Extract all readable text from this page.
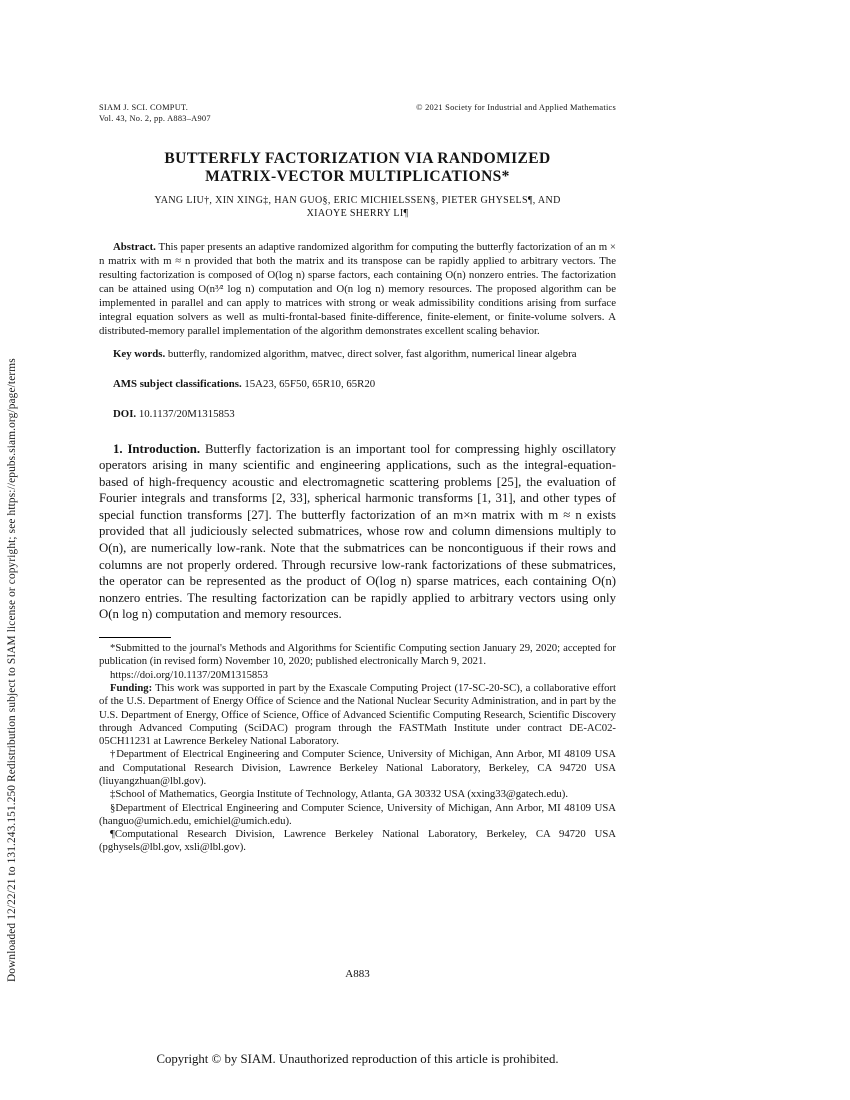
Downloaded 12/22/21 to 131.243.151.250 Redistribution subject to SIAM license or copyright; see https://epubs.siam.org/page/terms
SIAM J. SCI. COMPUT.
Vol. 43, No. 2, pp. A883–A907
© 2021 Society for Industrial and Applied Mathematics
BUTTERFLY FACTORIZATION VIA RANDOMIZED
MATRIX-VECTOR MULTIPLICATIONS*
YANG LIU†, XIN XING‡, HAN GUO§, ERIC MICHIELSSEN§, PIETER GHYSELS¶, AND
XIAOYE SHERRY LI¶

Abstract. This paper presents an adaptive randomized algorithm for computing the butterfly factorization of an m × n matrix with m ≈ n provided that both the matrix and its transpose can be rapidly applied to arbitrary vectors. The resulting factorization is composed of O(log n) sparse factors, each containing O(n) nonzero entries. The factorization can be attained using O(n³⁄² log n) computation and O(n log n) memory resources. The proposed algorithm can be implemented in parallel and can apply to matrices with strong or weak admissibility conditions arising from surface integral equation solvers as well as multi-frontal-based finite-difference, finite-element, or finite-volume solvers. A distributed-memory parallel implementation of the algorithm demonstrates excellent scaling behavior.

Key words. butterfly, randomized algorithm, matvec, direct solver, fast algorithm, numerical linear algebra

AMS subject classifications. 15A23, 65F50, 65R10, 65R20

DOI. 10.1137/20M1315853

1. Introduction. Butterfly factorization is an important tool for compressing highly oscillatory operators arising in many scientific and engineering applications, such as the integral-equation-based of high-frequency acoustic and electromagnetic scattering problems [25], the evaluation of Fourier integrals and transforms [2, 33], spherical harmonic transforms [1, 31], and other types of special function transforms [27]. The butterfly factorization of an m×n matrix with m ≈ n exists provided that all judiciously selected submatrices, whose row and column dimensions multiply to O(n), are numerically low-rank. Note that the submatrices can be noncontiguous if their rows and columns are not properly ordered. Through recursive low-rank factorizations of these submatrices, the operator can be represented as the product of O(log n) sparse matrices, each containing O(n) nonzero entries. The resulting factorization can be rapidly applied to arbitrary vectors using only O(n log n) computation and memory resources.

*Submitted to the journal's Methods and Algorithms for Scientific Computing section January 29, 2020; accepted for publication (in revised form) November 10, 2020; published electronically March 9, 2021.

https://doi.org/10.1137/20M1315853

Funding: This work was supported in part by the Exascale Computing Project (17-SC-20-SC), a collaborative effort of the U.S. Department of Energy Office of Science and the National Nuclear Security Administration, and in part by the U.S. Department of Energy, Office of Science, Office of Advanced Scientific Computing Research, Scientific Discovery through Advanced Computing (SciDAC) program through the FASTMath Institute under contract DE-AC02-05CH11231 at Lawrence Berkeley National Laboratory.

†Department of Electrical Engineering and Computer Science, University of Michigan, Ann Arbor, MI 48109 USA and Computational Research Division, Lawrence Berkeley National Laboratory, Berkeley, CA 94720 USA (liuyangzhuan@lbl.gov).

‡School of Mathematics, Georgia Institute of Technology, Atlanta, GA 30332 USA (xxing33@gatech.edu).

§Department of Electrical Engineering and Computer Science, University of Michigan, Ann Arbor, MI 48109 USA (hanguo@umich.edu, emichiel@umich.edu).

¶Computational Research Division, Lawrence Berkeley National Laboratory, Berkeley, CA 94720 USA (pghysels@lbl.gov, xsli@lbl.gov).

A883
Copyright © by SIAM. Unauthorized reproduction of this article is prohibited.
